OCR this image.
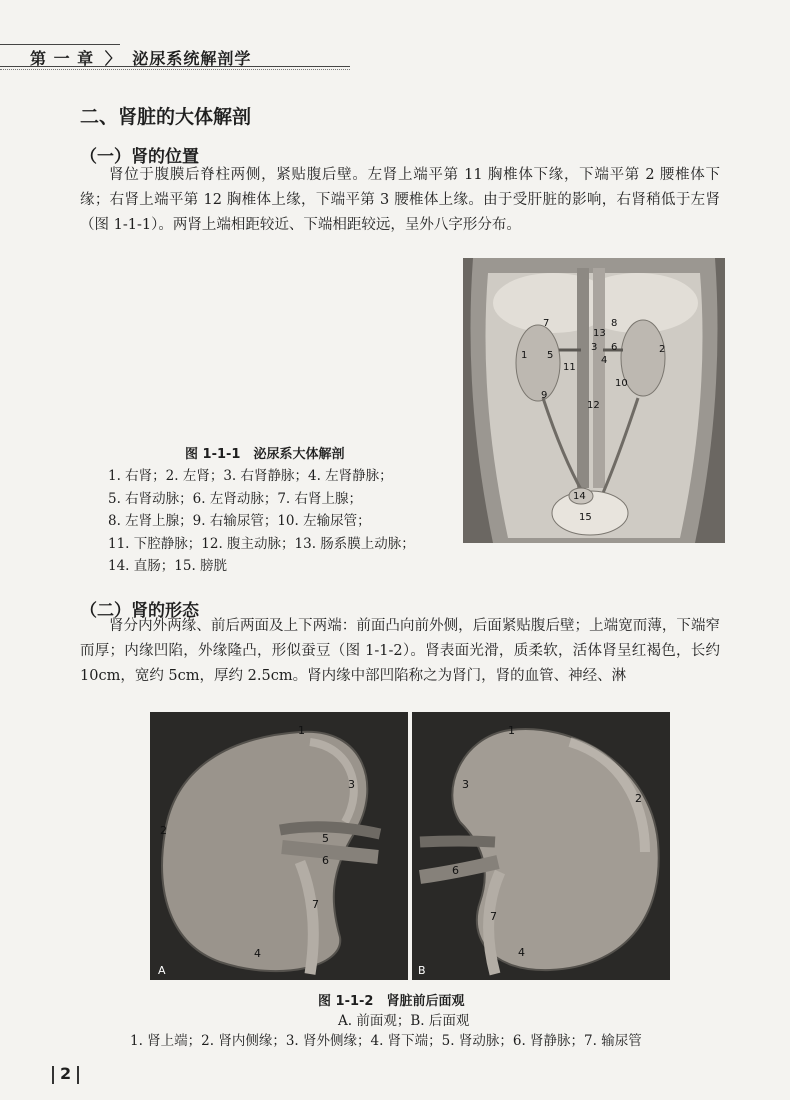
第 一 章 〉 泌尿系统解剖学
二、肾脏的大体解剖
（一）肾的位置

肾位于腹膜后脊柱两侧，紧贴腹后壁。左肾上端平第 11 胸椎体下缘，下端平第 2 腰椎体下缘；右肾上端平第 12 胸椎体上缘，下端平第 3 腰椎体上缘。由于受肝脏的影响，右肾稍低于左肾（图 1-1-1）。两肾上端相距较近、下端相距较远，呈外八字形分布。

1
2
3
4
5
6
7	8
9
10
11
12
13
14
15
图 1-1-1　泌尿系大体解剖
1. 右肾；2. 左肾；3. 右肾静脉；4. 左肾静脉；
5. 右肾动脉；6. 左肾动脉；7. 右肾上腺；
8. 左肾上腺；9. 右输尿管；10. 左输尿管；
11. 下腔静脉；12. 腹主动脉；13. 肠系膜上动脉；
14. 直肠；15. 膀胱
（二）肾的形态

肾分内外两缘、前后两面及上下两端：前面凸向前外侧，后面紧贴腹后壁；上端宽而薄，下端窄而厚；内缘凹陷，外缘隆凸，形似蚕豆（图 1-1-2）。肾表面光滑，质柔软，活体肾呈红褐色，长约 10cm，宽约 5cm，厚约 2.5cm。肾内缘中部凹陷称之为肾门，肾的血管、神经、淋

A
1
2
3
4
5
6
7
B
1
2
3
4
6
7
图 1-1-2　肾脏前后面观
A. 前面观；B. 后面观
1. 肾上端；2. 肾内侧缘；3. 肾外侧缘；4. 肾下端；5. 肾动脉；6. 肾静脉；7. 输尿管
2
